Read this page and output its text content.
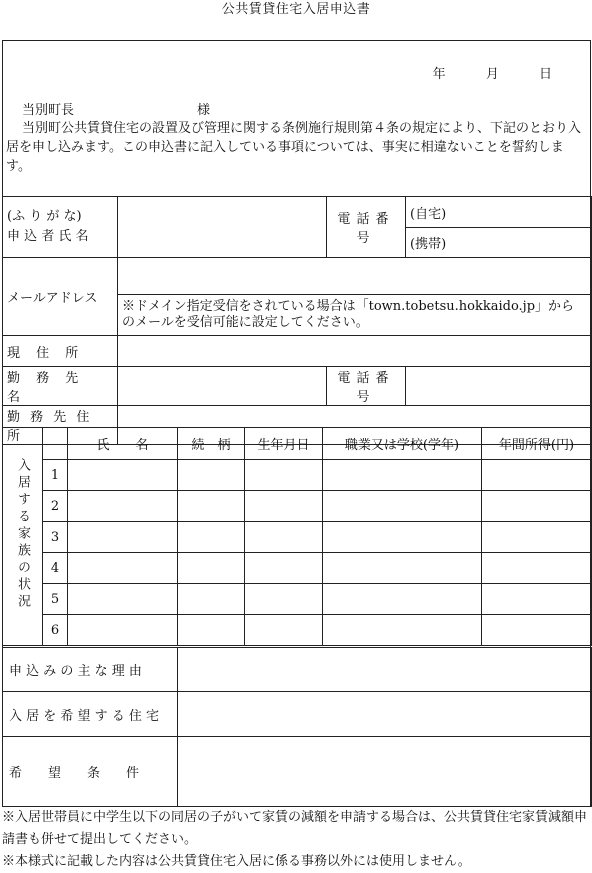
公共賃貸住宅入居申込書
年	月	日
当別町長	様
当別町公共賃貸住宅の設置及び管理に関する条例施行規則第４条の規定により、下記のとおり入居を申し込みます。この申込書に記入している事項については、事実に相違ないことを誓約します。
(ふ り が な)
申 込 者 氏 名		電話番号	(自宅)
			(携帯)
メールアドレス			
	※ドメイン指定受信をされている場合は「town.tobetsu.hokkaido.jp」からのメールを受信可能に設定してください。		
現 住 所			
勤 務 先 名		電話番号	
勤 務 先 住 所			
入居する家族の状況		氏　　名	続　柄	生年月日	職業又は学校(学年)	年間所得(円)
	1					
	2					
	3					
	4					
	5					
	6					
申 込 み の 主 な 理 由	
入 居 を 希 望 す る 住 宅	
希　　望　　条　　件	
※入居世帯員に中学生以下の同居の子がいて家賃の減額を申請する場合は、公共賃貸住宅家賃減額申請書も併せて提出してください。
※本様式に記載した内容は公共賃貸住宅入居に係る事務以外には使用しません。
